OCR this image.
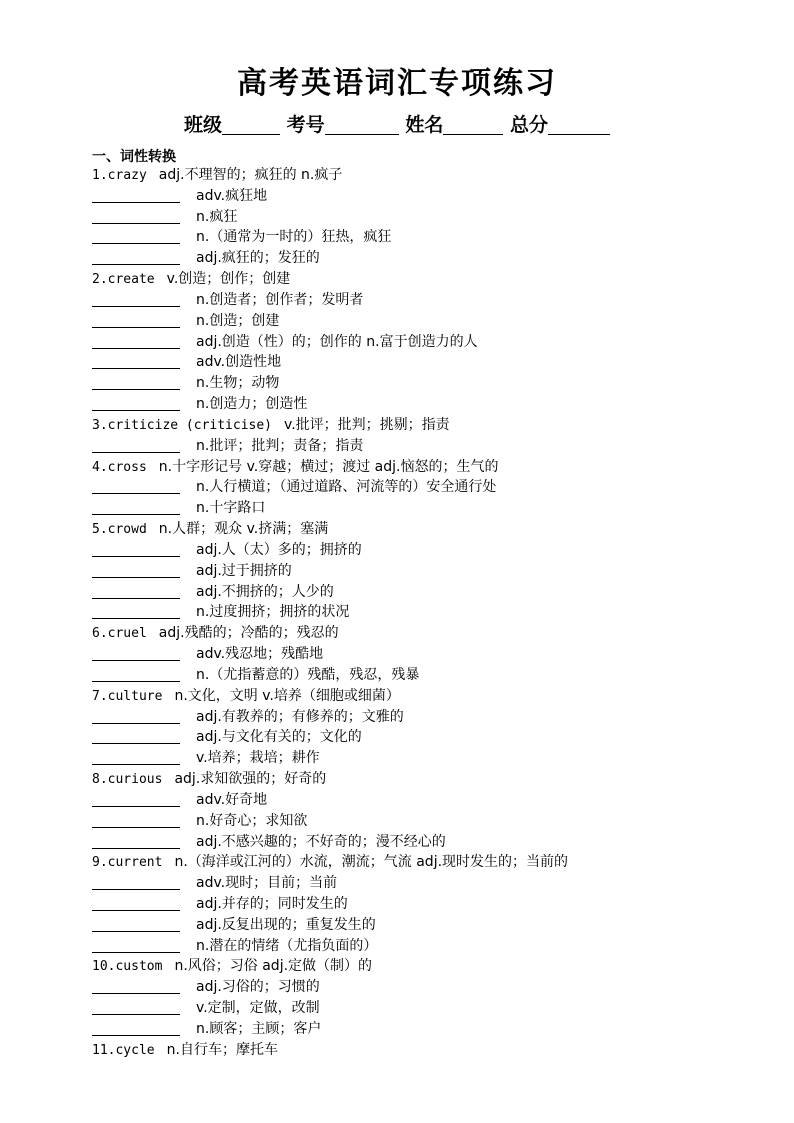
高考英语词汇专项练习
班级	考号	姓名	总分
一、词性转换
1.crazy adj.不理智的；疯狂的 n.疯子
adv.疯狂地
n.疯狂
n.（通常为一时的）狂热，疯狂
adj.疯狂的；发狂的
2.create v.创造；创作；创建
n.创造者；创作者；发明者
n.创造；创建
adj.创造（性）的；创作的 n.富于创造力的人
adv.创造性地
n.生物；动物
n.创造力；创造性
3.criticize (criticise) v.批评；批判；挑剔；指责
n.批评；批判；责备；指责
4.cross n.十字形记号 v.穿越；横过；渡过 adj.恼怒的；生气的
n.人行横道；（通过道路、河流等的）安全通行处
n.十字路口
5.crowd n.人群；观众 v.挤满；塞满
adj.人（太）多的；拥挤的
adj.过于拥挤的
adj.不拥挤的；人少的
n.过度拥挤；拥挤的状况
6.cruel adj.残酷的；冷酷的；残忍的
adv.残忍地；残酷地
n.（尤指蓄意的）残酷，残忍，残暴
7.culture n.文化，文明 v.培养（细胞或细菌）
adj.有教养的；有修养的；文雅的
adj.与文化有关的；文化的
v.培养；栽培；耕作
8.curious adj.求知欲强的；好奇的
adv.好奇地
n.好奇心；求知欲
adj.不感兴趣的；不好奇的；漫不经心的
9.current n.（海洋或江河的）水流，潮流；气流 adj.现时发生的；当前的
adv.现时；目前；当前
adj.并存的；同时发生的
adj.反复出现的；重复发生的
n.潜在的情绪（尤指负面的）
10.custom n.风俗；习俗 adj.定做（制）的
adj.习俗的；习惯的
v.定制，定做，改制
n.顾客；主顾；客户
11.cycle n.自行车；摩托车
